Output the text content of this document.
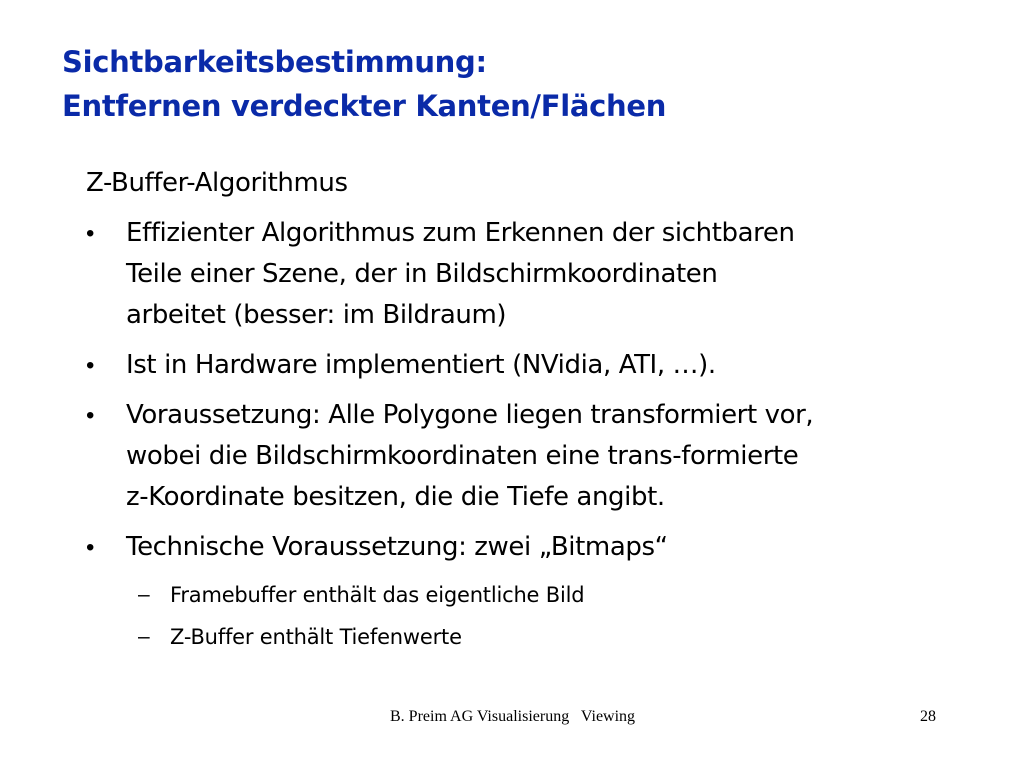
Sichtbarkeitsbestimmung:
Entfernen verdeckter Kanten/Flächen
Z-Buffer-Algorithmus
• Effizienter Algorithmus zum Erkennen der sichtbaren
Teile einer Szene, der in Bildschirmkoordinaten
arbeitet (besser: im Bildraum)
• Ist in Hardware implementiert (NVidia, ATI, …).
• Voraussetzung: Alle Polygone liegen transformiert vor,
wobei die Bildschirmkoordinaten eine trans-formierte
z-Koordinate besitzen, die die Tiefe angibt.
• Technische Voraussetzung: zwei „Bitmaps“
– Framebuffer enthält das eigentliche Bild
– Z-Buffer enthält Tiefenwerte
B. Preim AG Visualisierung   Viewing	28
